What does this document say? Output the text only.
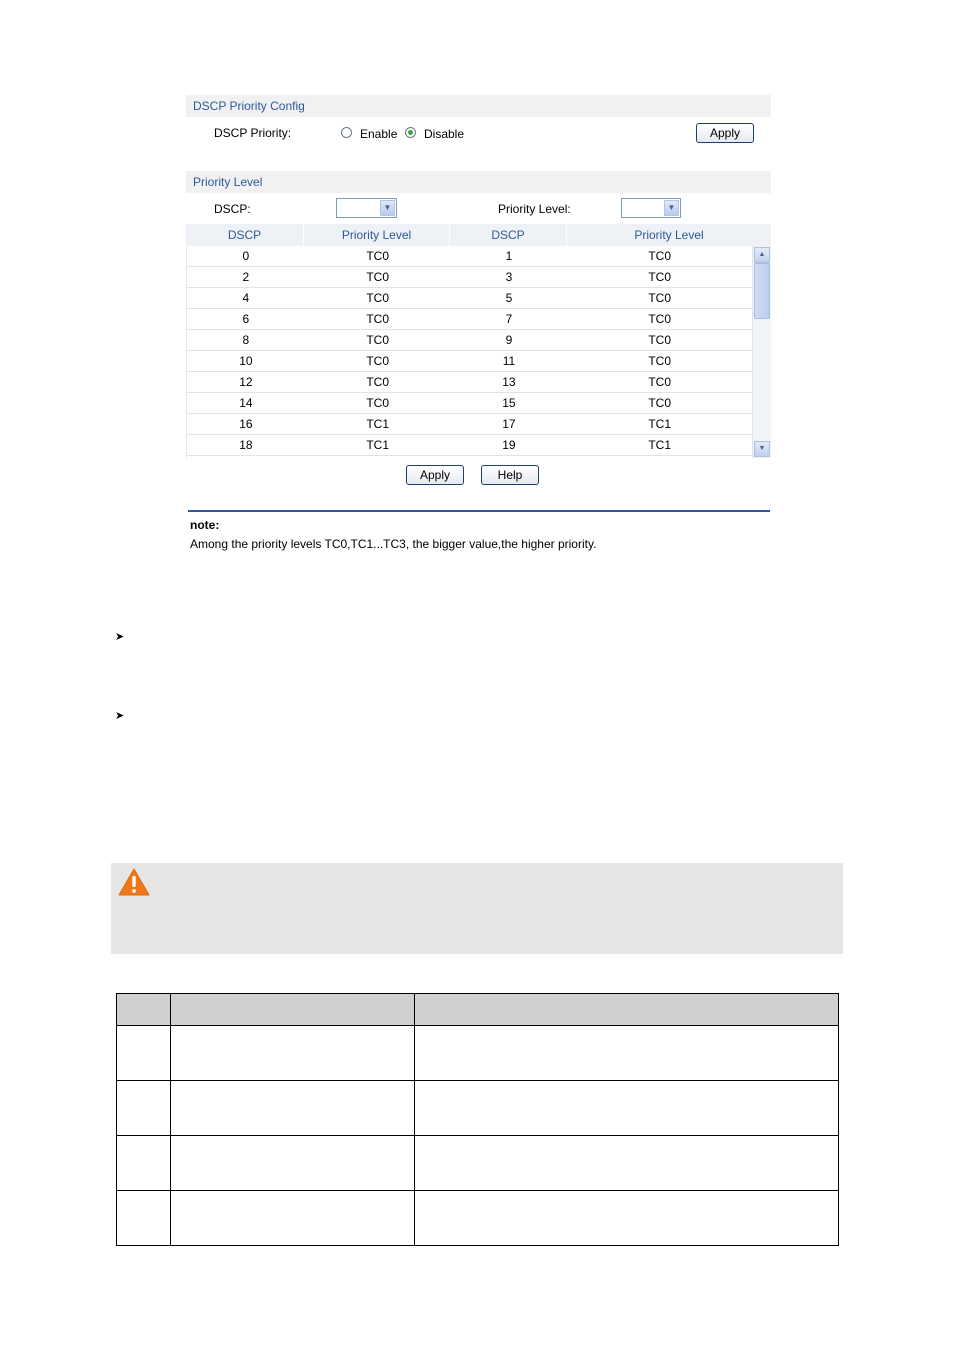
DSCP Priority Config
DSCP Priority:	Enable Disable	Apply
Priority Level
DSCP:	▼	Priority Level:	▼
DSCP	Priority Level	DSCP	Priority Level
0	TC0	1	TC0
2	TC0	3	TC0
4	TC0	5	TC0
6	TC0	7	TC0
8	TC0	9	TC0
10	TC0	11	TC0
12	TC0	13	TC0
14	TC0	15	TC0
16	TC1	17	TC1
18	TC1	19	TC1
▲
▼
Apply	Help
note:
Among the priority levels TC0,TC1...TC3, the bigger value,the higher priority.
➤
➤
